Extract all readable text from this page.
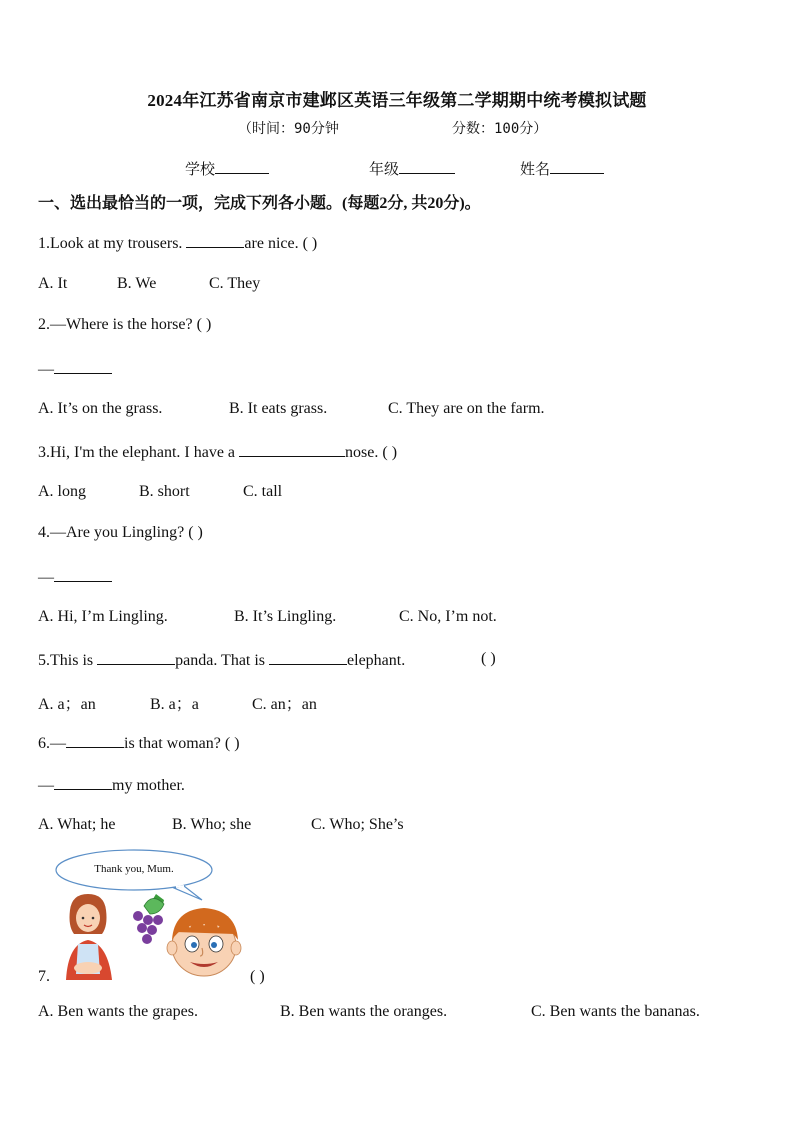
2024年江苏省南京市建邺区英语三年级第二学期期中统考模拟试题
（时间：90分钟	分数：100分）
学校	年级	姓名
一、选出最恰当的一项，完成下列各小题。(每题2分, 共20分)。
1.Look at my trousers.	are nice. ( )
A. It	B. We	C. They
2.—Where is the horse? ( )
—
A. It’s on the grass.	B. It eats grass.	C. They are on the farm.
3.Hi, I'm the elephant. I have a	nose. ( )
A. long	B. short	C. tall
4.—Are you Lingling? ( )
—
A. Hi, I’m Lingling.	B. It’s Lingling.	C. No, I’m not.
5.This is	panda. That is	elephant.	( )
A. a；an	B. a；a	C. an；an
6.—	is that woman? ( )
—	my mother.
A. What; he	B. Who; she	C. Who; She’s
Thank you, Mum.
7.	( )
A. Ben wants the grapes.	B. Ben wants the oranges.	C. Ben wants the bananas.
